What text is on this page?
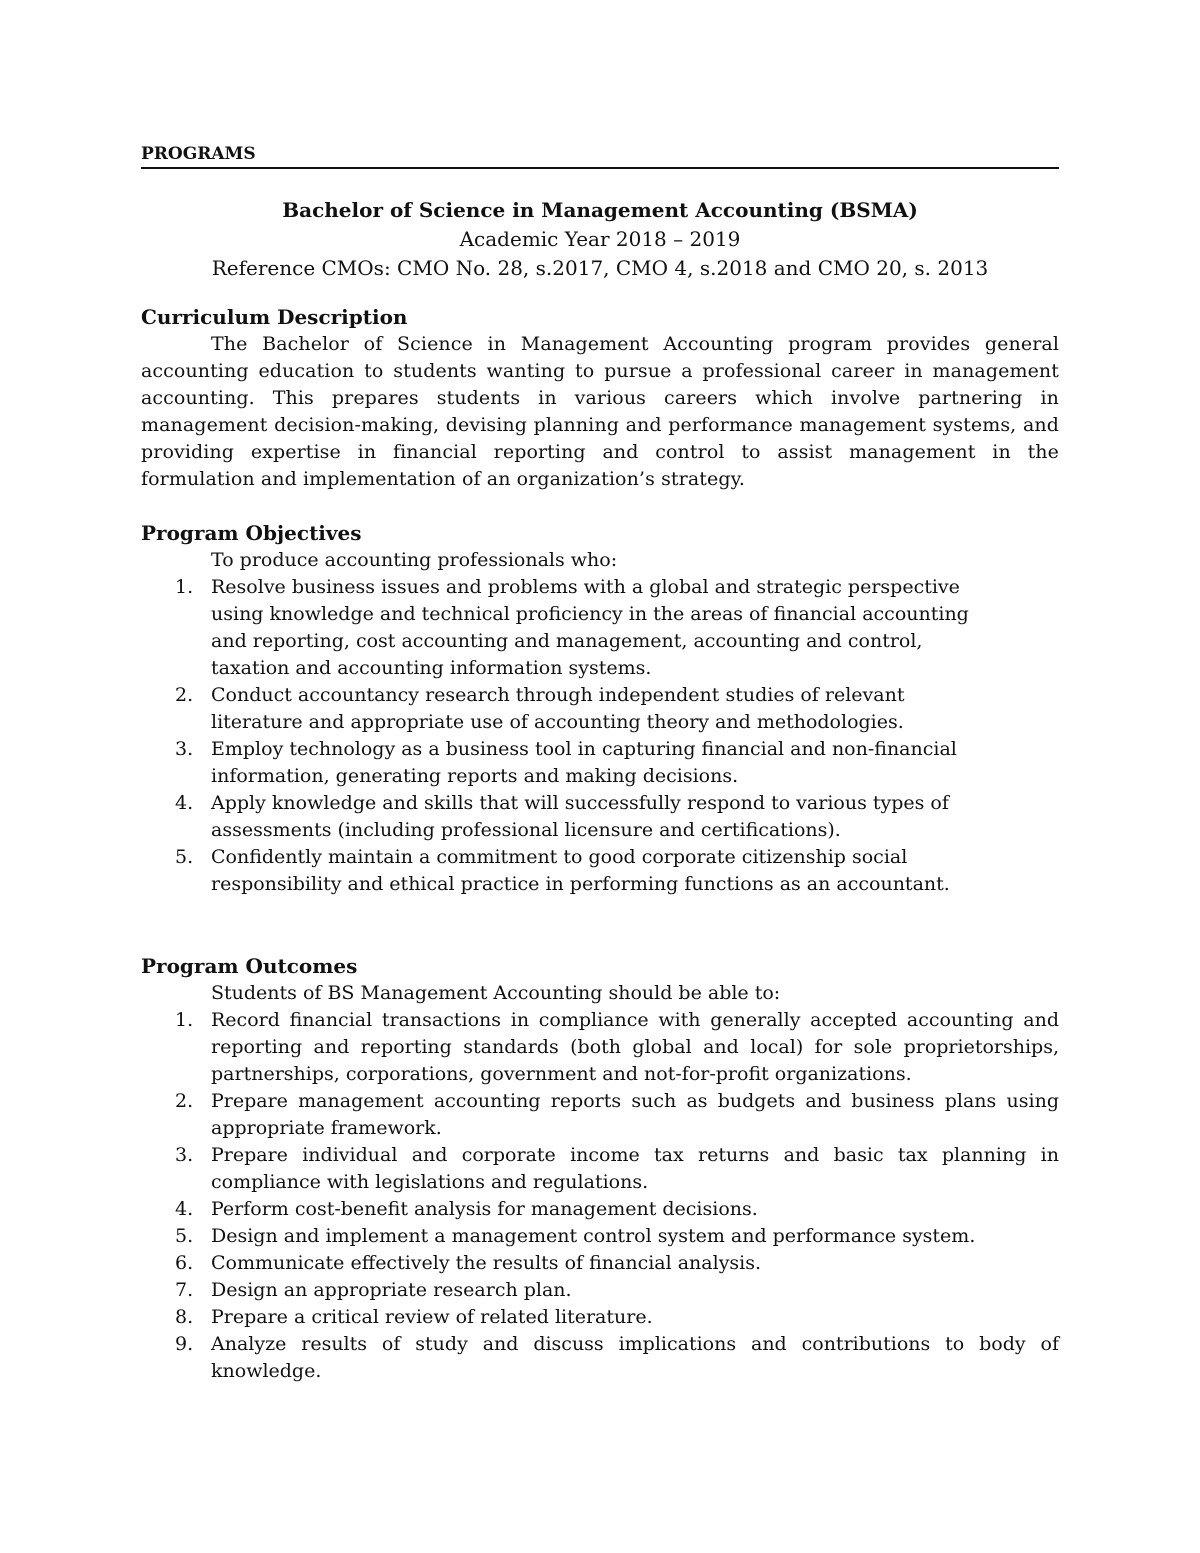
PROGRAMS
Bachelor of Science in Management Accounting (BSMA)
Academic Year 2018 – 2019
Reference CMOs: CMO No. 28, s.2017, CMO 4, s.2018 and CMO 20, s. 2013
Curriculum Description

The Bachelor of Science in Management Accounting program provides general accounting education to students wanting to pursue a professional career in management accounting. This prepares students in various careers which involve partnering in management decision-making, devising planning and performance management systems, and providing expertise in financial reporting and control to assist management in the formulation and implementation of an organization’s strategy.

Program Objectives

To produce accounting professionals who:

1. Resolve business issues and problems with a global and strategic perspective using knowledge and technical proficiency in the areas of financial accounting and reporting, cost accounting and management, accounting and control, taxation and accounting information systems.
2. Conduct accountancy research through independent studies of relevant literature and appropriate use of accounting theory and methodologies.
3. Employ technology as a business tool in capturing financial and non-financial information, generating reports and making decisions.
4. Apply knowledge and skills that will successfully respond to various types of assessments (including professional licensure and certifications).
5. Confidently maintain a commitment to good corporate citizenship social responsibility and ethical practice in performing functions as an accountant.
Program Outcomes

Students of BS Management Accounting should be able to:

1. Record financial transactions in compliance with generally accepted accounting and reporting and reporting standards (both global and local) for sole proprietorships, partnerships, corporations, government and not-for-profit organizations.
2. Prepare management accounting reports such as budgets and business plans using appropriate framework.
3. Prepare individual and corporate income tax returns and basic tax planning in compliance with legislations and regulations.
4. Perform cost-benefit analysis for management decisions.
5. Design and implement a management control system and performance system.
6. Communicate effectively the results of financial analysis.
7. Design an appropriate research plan.
8. Prepare a critical review of related literature.
9. Analyze results of study and discuss implications and contributions to body of knowledge.
